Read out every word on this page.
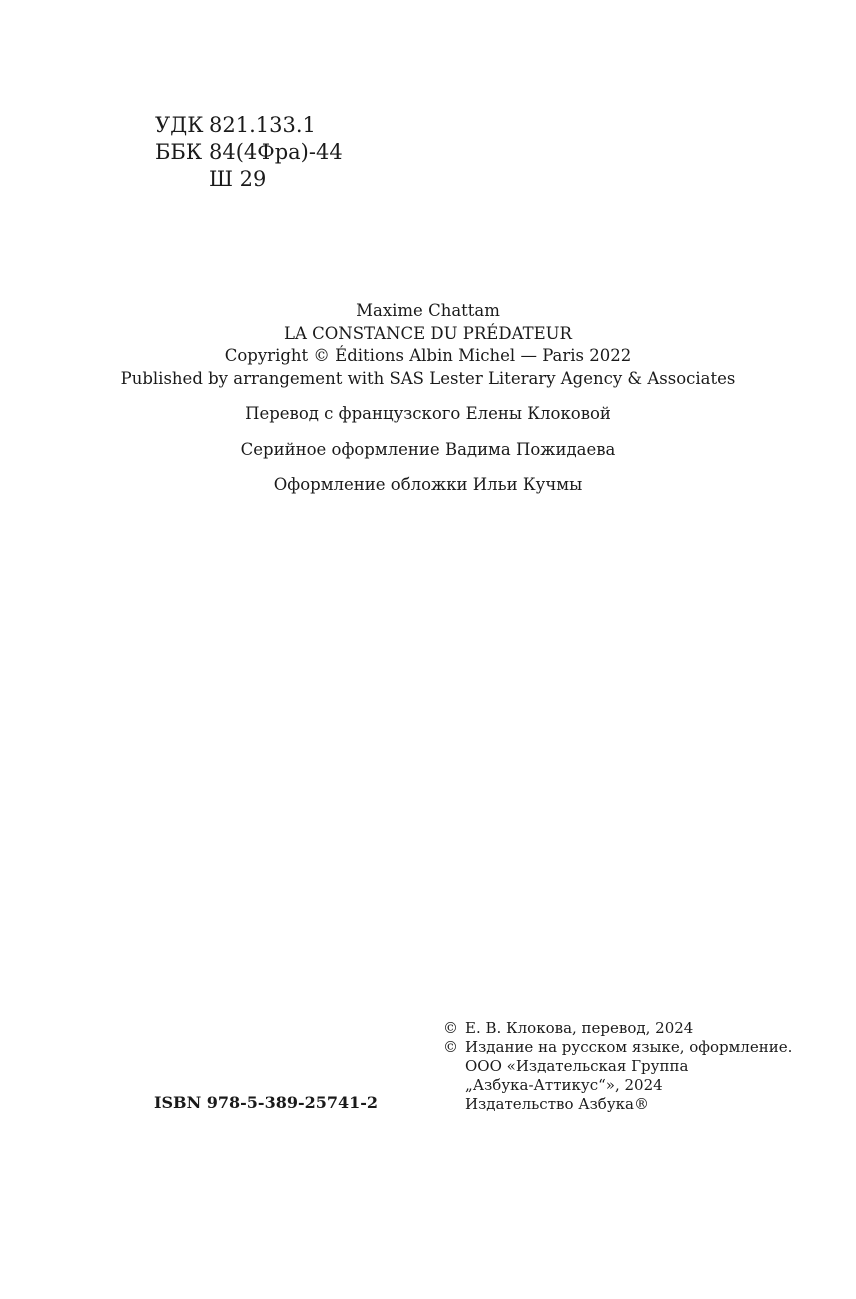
УДК 821.133.1
ББК 84(4Фра)-44
Ш 29
Maxime Chattam
LA CONSTANCE DU PRÉDATEUR
Copyright © Éditions Albin Michel — Paris 2022
Published by arrangement with SAS Lester Literary Agency & Associates
Перевод с французского Елены Клоковой
Серийное оформление Вадима Пожидаева
Оформление обложки Ильи Кучмы
ISBN 978-5-389-25741-2
© Е. В. Клокова, перевод, 2024
© Издание на русском языке, оформление.
ООО «Издательская Группа
„Азбука-Аттикус“», 2024
Издательство Азбука®
